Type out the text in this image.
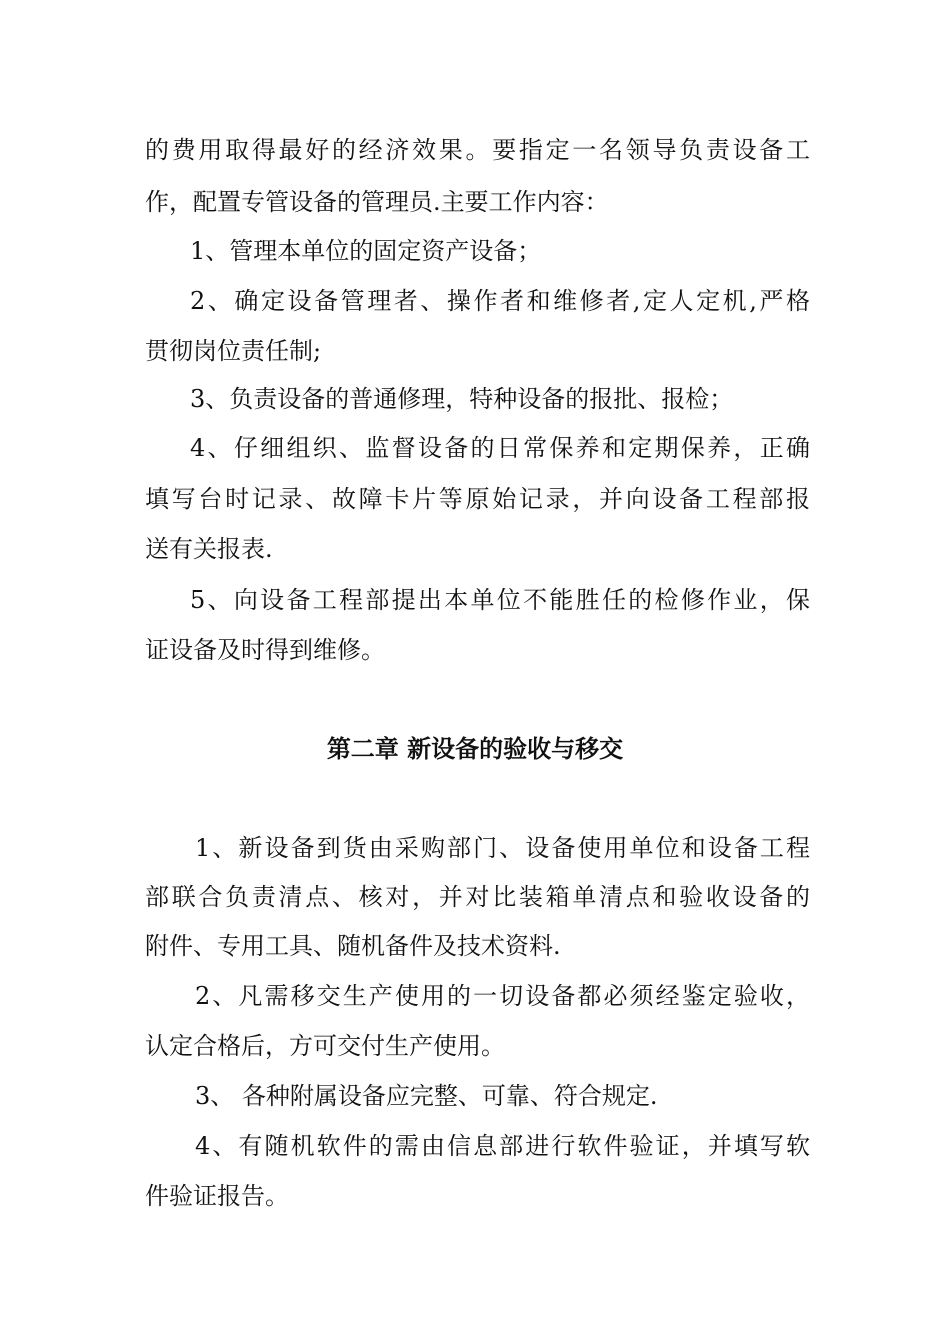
的费用取得最好的经济效果。要指定一名领导负责设备工
作，配置专管设备的管理员.主要工作内容：
1、管理本单位的固定资产设备；
2、确定设备管理者、操作者和维修者,定人定机,严格
贯彻岗位责任制;
3、负责设备的普通修理，特种设备的报批、报检；
4、仔细组织、监督设备的日常保养和定期保养，正确
填写台时记录、故障卡片等原始记录，并向设备工程部报
送有关报表.
5、向设备工程部提出本单位不能胜任的检修作业，保
证设备及时得到维修。
第二章 新设备的验收与移交
1、新设备到货由采购部门、设备使用单位和设备工程
部联合负责清点、核对，并对比装箱单清点和验收设备的
附件、专用工具、随机备件及技术资料.
2、凡需移交生产使用的一切设备都必须经鉴定验收，
认定合格后，方可交付生产使用。
3、 各种附属设备应完整、可靠、符合规定.
4、有随机软件的需由信息部进行软件验证，并填写软
件验证报告。
